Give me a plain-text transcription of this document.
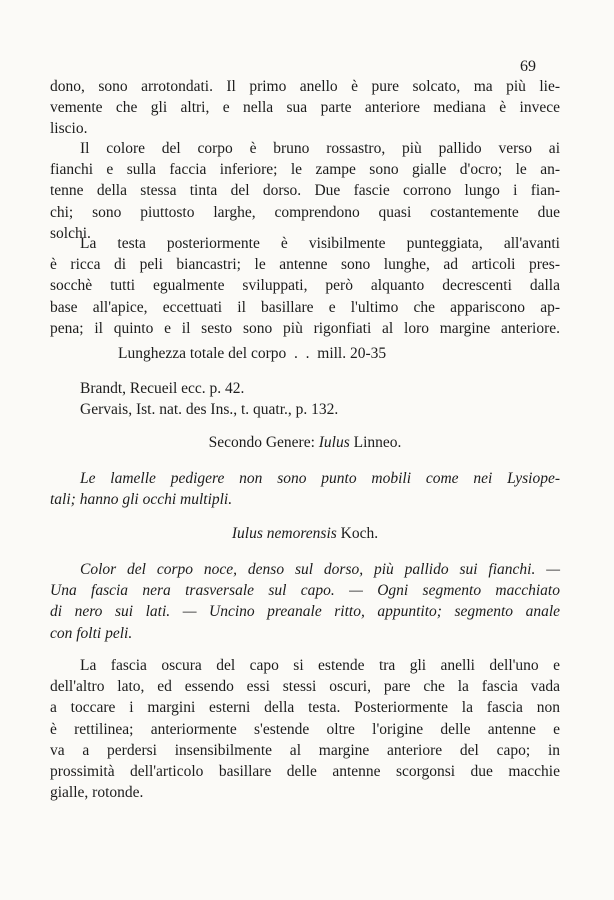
69

dono, sono arrotondati. Il primo anello è pure solcato, ma più lie-
vemente che gli altri, e nella sua parte anteriore mediana è invece
liscio.

Il colore del corpo è bruno rossastro, più pallido verso ai
fianchi e sulla faccia inferiore; le zampe sono gialle d'ocro; le an-
tenne della stessa tinta del dorso. Due fascie corrono lungo i fian-
chi; sono piuttosto larghe, comprendono quasi costantemente due
solchi.

La testa posteriormente è visibilmente punteggiata, all'avanti
è ricca di peli biancastri; le antenne sono lunghe, ad articoli pres-
socchè tutti egualmente sviluppati, però alquanto decrescenti dalla
base all'apice, eccettuati il basillare e l'ultimo che appariscono ap-
pena; il quinto e il sesto sono più rigonfiati al loro margine anteriore.

Lunghezza totale del corpo  .  .  mill. 20-35

Brandt, Recueil ecc. p. 42.
Gervais, Ist. nat. des Ins., t. quatr., p. 132.

Secondo Genere: Iulus Linneo.

Le lamelle pedigere non sono punto mobili come nei Lysiope-
tali; hanno gli occhi multipli.

Iulus nemorensis Koch.

Color del corpo noce, denso sul dorso, più pallido sui fianchi. —
Una fascia nera trasversale sul capo. — Ogni segmento macchiato
di nero sui lati. — Uncino preanale ritto, appuntito; segmento anale
con folti peli.

La fascia oscura del capo si estende tra gli anelli dell'uno e
dell'altro lato, ed essendo essi stessi oscuri, pare che la fascia vada
a toccare i margini esterni della testa. Posteriormente la fascia non
è rettilinea; anteriormente s'estende oltre l'origine delle antenne e
va a perdersi insensibilmente al margine anteriore del capo; in
prossimità dell'articolo basillare delle antenne scorgonsi due macchie
gialle, rotonde.
